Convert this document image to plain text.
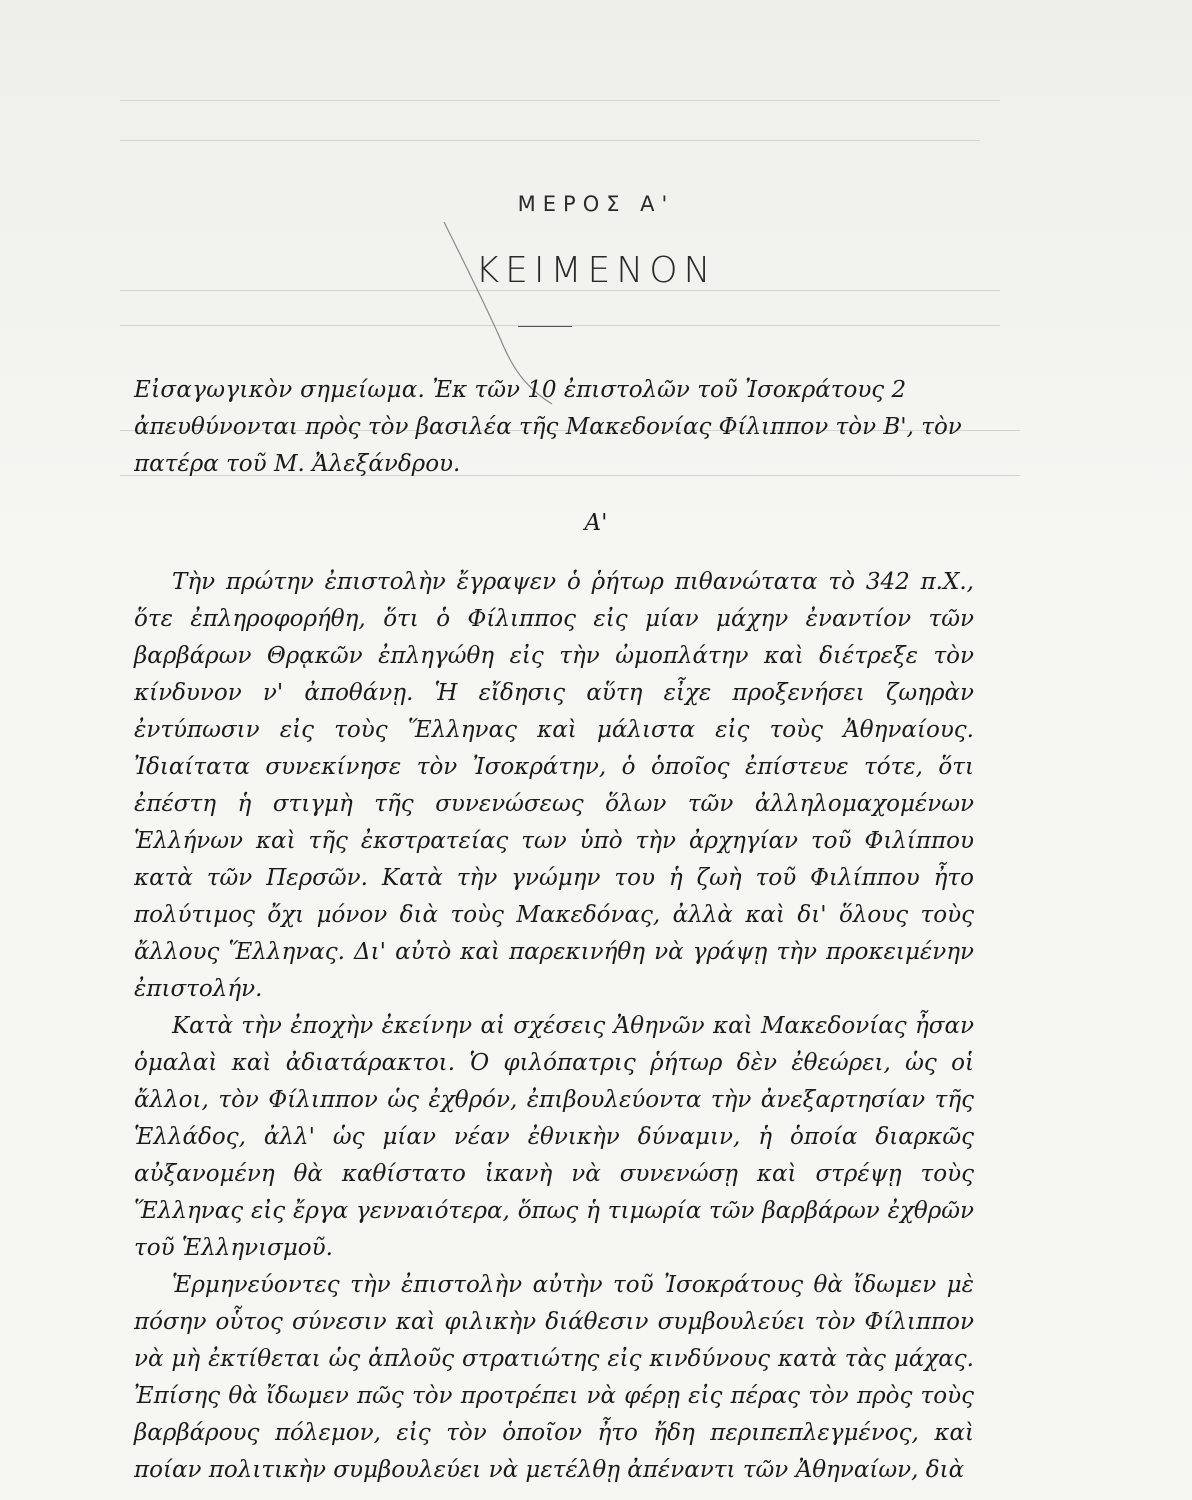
ΜΕΡΟΣ Α'
ΚΕΙΜΕΝΟΝ

Εἰσαγωγικὸν σημείωμα. Ἐκ τῶν 10 ἐπιστολῶν τοῦ Ἰσοκράτους 2 ἀπευθύνονται πρὸς τὸν βασιλέα τῆς Μακεδονίας Φίλιππον τὸν Β', τὸν πατέρα τοῦ Μ. Ἀλεξάνδρου.

Α'

Τὴν πρώτην ἐπιστολὴν ἔγραψεν ὁ ῥήτωρ πιθανώτατα τὸ 342 π.Χ., ὅτε ἐπληροφορήθη, ὅτι ὁ Φίλιππος εἰς μίαν μάχην ἐναντίον τῶν βαρβάρων Θρᾳκῶν ἐπληγώθη εἰς τὴν ὠμοπλάτην καὶ διέτρεξε τὸν κίνδυνον ν' ἀποθάνῃ. Ἡ εἴδησις αὕτη εἶχε προξενήσει ζωηρὰν ἐντύπωσιν εἰς τοὺς Ἕλληνας καὶ μάλιστα εἰς τοὺς Ἀθηναίους. Ἰδιαίτατα συνεκίνησε τὸν Ἰσοκράτην, ὁ ὁποῖος ἐπίστευε τότε, ὅτι ἐπέστη ἡ στιγμὴ τῆς συνενώσεως ὅλων τῶν ἀλληλομαχομένων Ἑλλήνων καὶ τῆς ἐκστρατείας των ὑπὸ τὴν ἀρχηγίαν τοῦ Φιλίππου κατὰ τῶν Περσῶν. Κατὰ τὴν γνώμην του ἡ ζωὴ τοῦ Φιλίππου ἦτο πολύτιμος ὄχι μόνον διὰ τοὺς Μακεδόνας, ἀλλὰ καὶ δι' ὅλους τοὺς ἄλλους Ἕλληνας. Δι' αὐτὸ καὶ παρεκινήθη νὰ γράψῃ τὴν προκειμένην ἐπιστολήν.

Κατὰ τὴν ἐποχὴν ἐκείνην αἱ σχέσεις Ἀθηνῶν καὶ Μακεδονίας ἦσαν ὁμαλαὶ καὶ ἀδιατάρακτοι. Ὁ φιλόπατρις ῥήτωρ δὲν ἐθεώρει, ὡς οἱ ἄλλοι, τὸν Φίλιππον ὡς ἐχθρόν, ἐπιβουλεύοντα τὴν ἀνεξαρτησίαν τῆς Ἑλλάδος, ἀλλ' ὡς μίαν νέαν ἐθνικὴν δύναμιν, ἡ ὁποία διαρκῶς αὐξανομένη θὰ καθίστατο ἱκανὴ νὰ συνενώσῃ καὶ στρέψῃ τοὺς Ἕλληνας εἰς ἔργα γενναιότερα, ὅπως ἡ τιμωρία τῶν βαρβάρων ἐχθρῶν τοῦ Ἑλληνισμοῦ.

Ἑρμηνεύοντες τὴν ἐπιστολὴν αὐτὴν τοῦ Ἰσοκράτους θὰ ἴδωμεν μὲ πόσην οὗτος σύνεσιν καὶ φιλικὴν διάθεσιν συμβουλεύει τὸν Φίλιππον νὰ μὴ ἐκτίθεται ὡς ἁπλοῦς στρατιώτης εἰς κινδύνους κατὰ τὰς μάχας. Ἐπίσης θὰ ἴδωμεν πῶς τὸν προτρέπει νὰ φέρῃ εἰς πέρας τὸν πρὸς τοὺς βαρβάρους πόλεμον, εἰς τὸν ὁποῖον ἦτο ἤδη περιπεπλεγμένος, καὶ ποίαν πολιτικὴν συμβουλεύει νὰ μετέλθῃ ἀπέναντι τῶν Ἀθηναίων, διὰ
